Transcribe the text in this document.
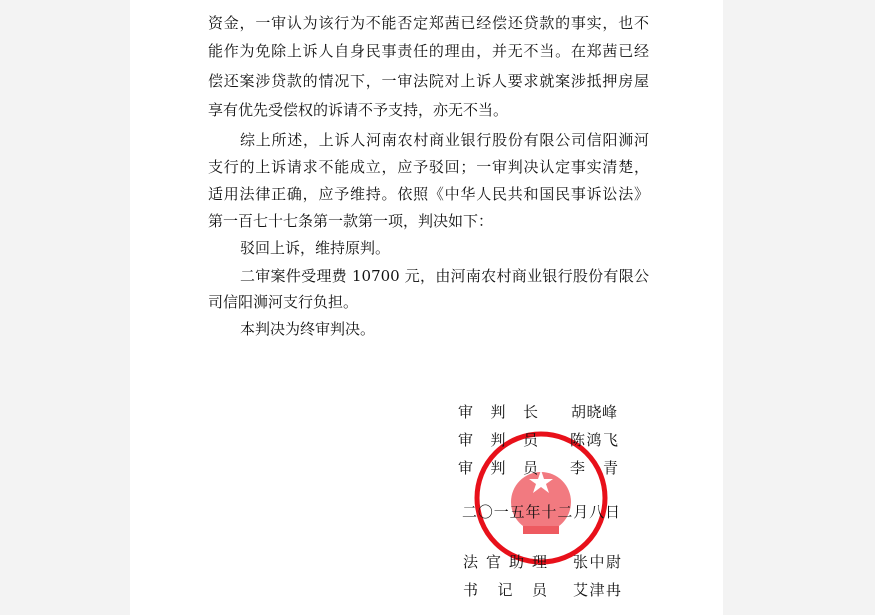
资金，一审认为该行为不能否定郑茜已经偿还贷款的事实，也不
能作为免除上诉人自身民事责任的理由，并无不当。在郑茜已经
偿还案涉贷款的情况下，一审法院对上诉人要求就案涉抵押房屋
享有优先受偿权的诉请不予支持，亦无不当。
综上所述，上诉人河南农村商业银行股份有限公司信阳浉河
支行的上诉请求不能成立，应予驳回；一审判决认定事实清楚，
适用法律正确，应予维持。依照《中华人民共和国民事诉讼法》
第一百七十七条第一款第一项，判决如下：
驳回上诉，维持原判。
二审案件受理费 10700 元，由河南农村商业银行股份有限公
司信阳浉河支行负担。
本判决为终审判决。
审判长 胡晓峰
审判员 陈鸿飞
审判员 李青
二〇一五年十二月八日
法官助理 张中尉
书记员 艾津冉
